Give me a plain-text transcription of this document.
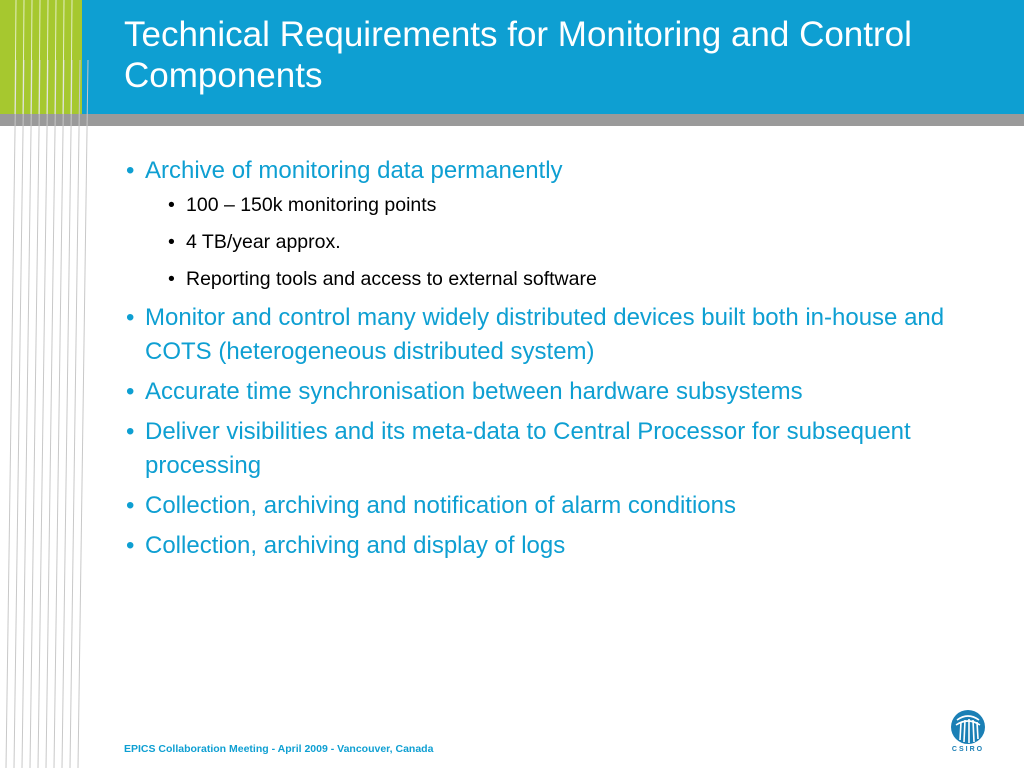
Technical Requirements for Monitoring and Control Components
• Archive of monitoring data permanently
• 100 – 150k monitoring points
• 4 TB/year approx.
• Reporting tools and access to external software
• Monitor and control many widely distributed devices built both in-house and COTS (heterogeneous distributed system)
• Accurate time synchronisation between hardware subsystems
• Deliver visibilities and its meta-data to Central Processor for subsequent processing
• Collection, archiving and notification of alarm conditions
• Collection, archiving and display of logs
EPICS Collaboration Meeting - April 2009 - Vancouver, Canada	CSIRO
